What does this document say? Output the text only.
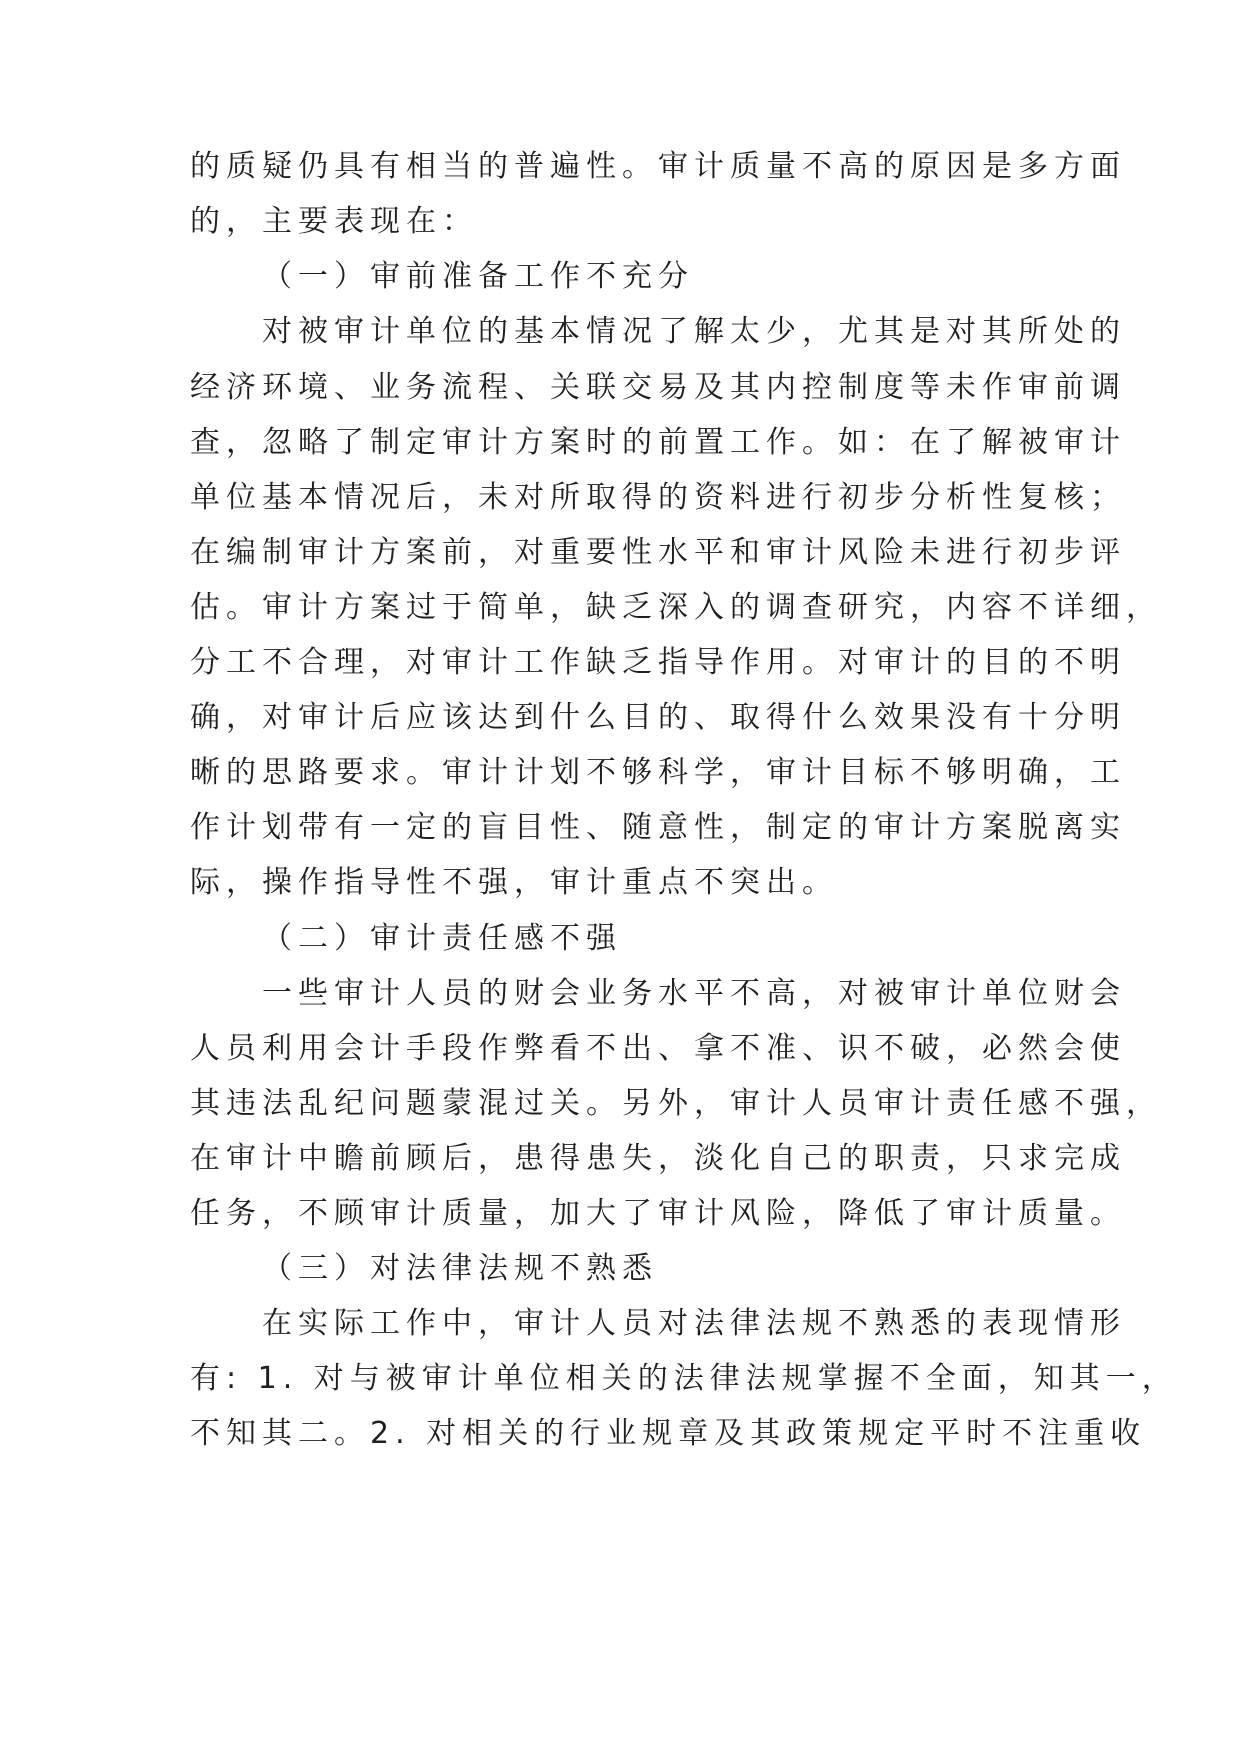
的质疑仍具有相当的普遍性。审计质量不高的原因是多方面
的，主要表现在：
（一）审前准备工作不充分
　　对被审计单位的基本情况了解太少，尤其是对其所处的
经济环境、业务流程、关联交易及其内控制度等未作审前调
查，忽略了制定审计方案时的前置工作。如：在了解被审计
单位基本情况后，未对所取得的资料进行初步分析性复核；
在编制审计方案前，对重要性水平和审计风险未进行初步评
估。审计方案过于简单，缺乏深入的调查研究，内容不详细，
分工不合理，对审计工作缺乏指导作用。对审计的目的不明
确，对审计后应该达到什么目的、取得什么效果没有十分明
晰的思路要求。审计计划不够科学，审计目标不够明确，工
作计划带有一定的盲目性、随意性，制定的审计方案脱离实
际，操作指导性不强，审计重点不突出。
（二）审计责任感不强
　　一些审计人员的财会业务水平不高，对被审计单位财会
人员利用会计手段作弊看不出、拿不准、识不破，必然会使
其违法乱纪问题蒙混过关。另外，审计人员审计责任感不强，
在审计中瞻前顾后，患得患失，淡化自己的职责，只求完成
任务，不顾审计质量，加大了审计风险，降低了审计质量。
（三）对法律法规不熟悉
　　在实际工作中，审计人员对法律法规不熟悉的表现情形
有: 1. 对与被审计单位相关的法律法规掌握不全面，知其一，
不知其二。2. 对相关的行业规章及其政策规定平时不注重收
